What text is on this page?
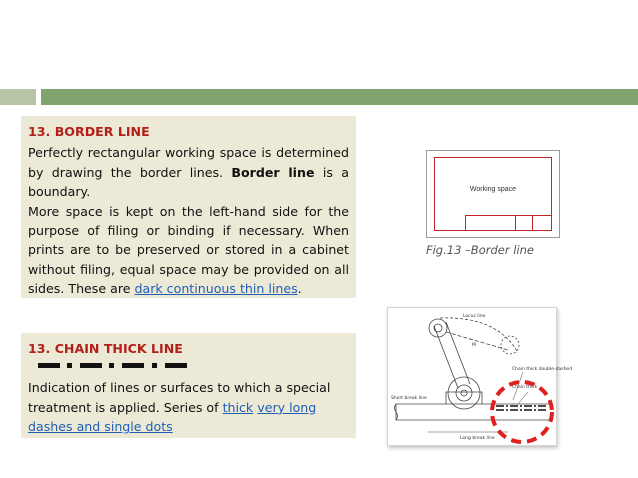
13. BORDER LINE
Perfectly rectangular working space is determined by drawing the border lines. Border line is a boundary.
More space is kept on the left-hand side for the purpose of filing or binding if necessary. When prints are to be preserved or stored in a cabinet without filing, equal space may be provided on all sides. These are dark continuous thin lines.
13. CHAIN THICK LINE
Indication of lines or surfaces to which a special treatment is applied. Series of thick very long dashes and single dots
Working space
Fig.13 –Border line
Locus line
M
Chain thick double-dashed
Chain thick
Short break line
Long break line
